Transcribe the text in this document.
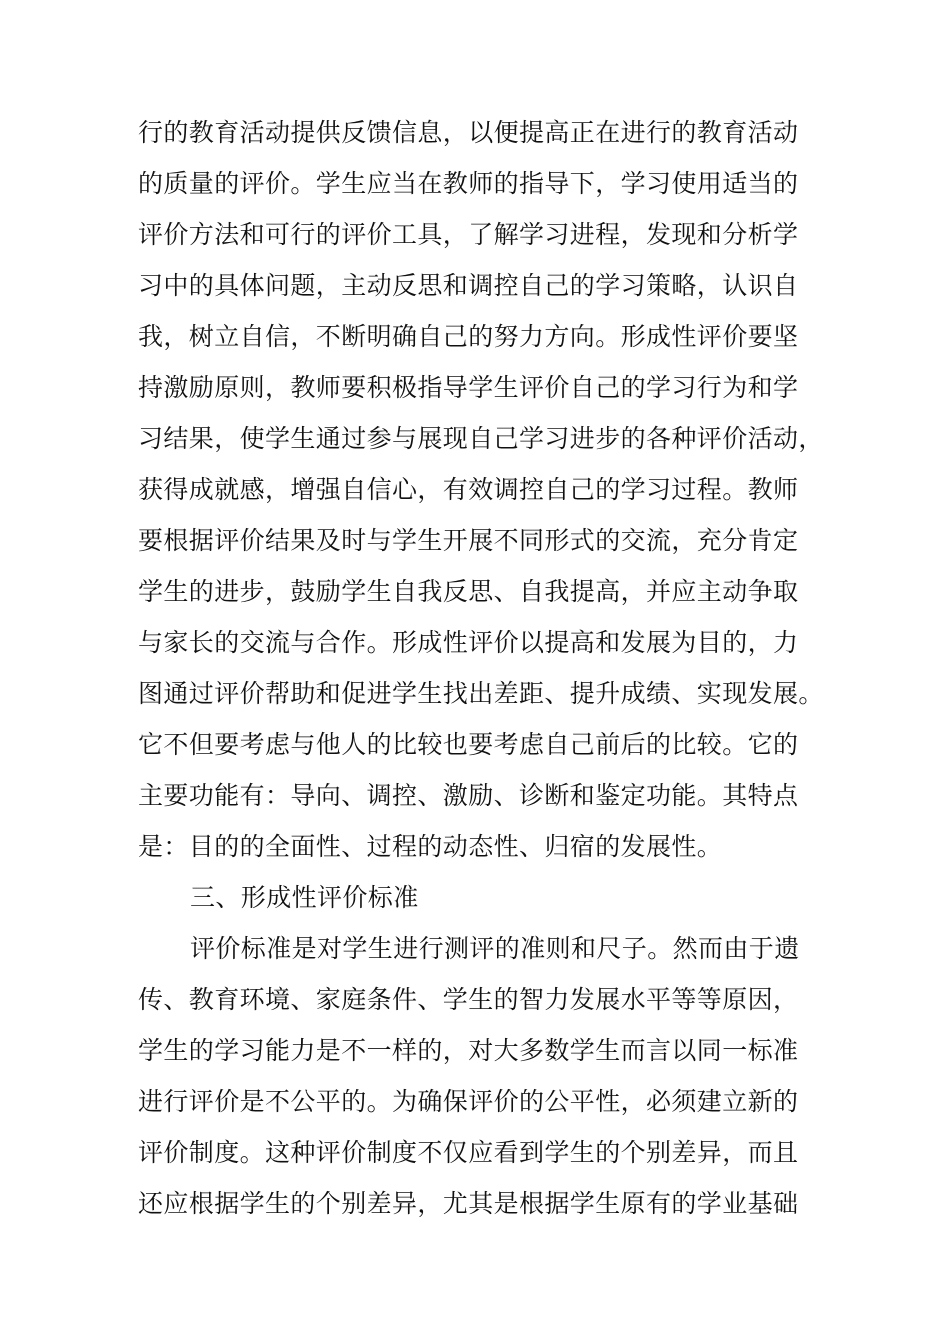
行的教育活动提供反馈信息，以便提高正在进行的教育活动
的质量的评价。学生应当在教师的指导下，学习使用适当的
评价方法和可行的评价工具，了解学习进程，发现和分析学
习中的具体问题，主动反思和调控自己的学习策略，认识自
我，树立自信，不断明确自己的努力方向。形成性评价要坚
持激励原则，教师要积极指导学生评价自己的学习行为和学
习结果，使学生通过参与展现自己学习进步的各种评价活动，
获得成就感，增强自信心，有效调控自己的学习过程。教师
要根据评价结果及时与学生开展不同形式的交流，充分肯定
学生的进步，鼓励学生自我反思、自我提高，并应主动争取
与家长的交流与合作。形成性评价以提高和发展为目的，力
图通过评价帮助和促进学生找出差距、提升成绩、实现发展。
它不但要考虑与他人的比较也要考虑自己前后的比较。它的
主要功能有：导向、调控、激励、诊断和鉴定功能。其特点
是：目的的全面性、过程的动态性、归宿的发展性。
三、形成性评价标准
评价标准是对学生进行测评的准则和尺子。然而由于遗
传、教育环境、家庭条件、学生的智力发展水平等等原因，
学生的学习能力是不一样的，对大多数学生而言以同一标准
进行评价是不公平的。为确保评价的公平性，必须建立新的
评价制度。这种评价制度不仅应看到学生的个别差异，而且
还应根据学生的个别差异，尤其是根据学生原有的学业基础
